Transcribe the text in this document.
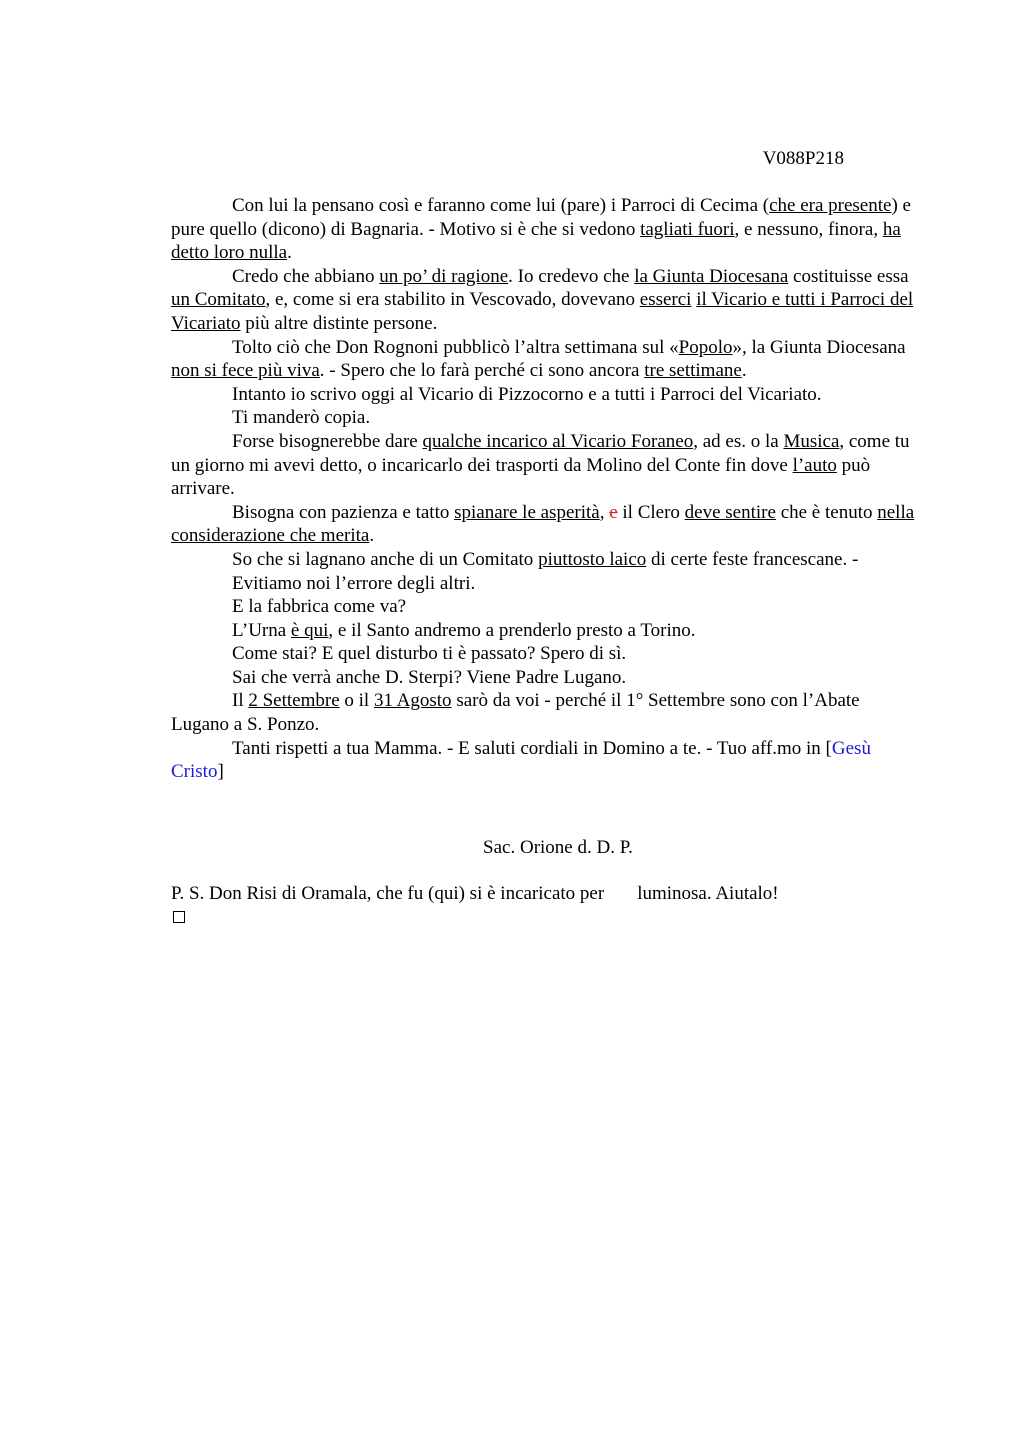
V088P218

Con lui la pensano così e faranno come lui (pare) i Parroci di Cecima (che era presente) e pure quello (dicono) di Bagnaria. - Motivo si è che si vedono tagliati fuori, e nessuno, finora, ha detto loro nulla.

Credo che abbiano un po’ di ragione. Io credevo che la Giunta Diocesana costituisse essa un Comitato, e, come si era stabilito in Vescovado, dovevano esserci il Vicario e tutti i Parroci del Vicariato più altre distinte persone.

Tolto ciò che Don Rognoni pubblicò l’altra settimana sul «Popolo», la Giunta Diocesana non si fece più viva. - Spero che lo farà perché ci sono ancora tre settimane.

Intanto io scrivo oggi al Vicario di Pizzocorno e a tutti i Parroci del Vicariato.

Ti manderò copia.

Forse bisognerebbe dare qualche incarico al Vicario Foraneo, ad es. o la Musica, come tu un giorno mi avevi detto, o incaricarlo dei trasporti da Molino del Conte fin dove l’auto può arrivare.

Bisogna con pazienza e tatto spianare le asperità, e il Clero deve sentire che è tenuto nella considerazione che merita.

So che si lagnano anche di un Comitato piuttosto laico di certe feste francescane. -

Evitiamo noi l’errore degli altri.

E la fabbrica come va?

L’Urna è qui, e il Santo andremo a prenderlo presto a Torino.

Come stai? E quel disturbo ti è passato? Spero di sì.

Sai che verrà anche D. Sterpi? Viene Padre Lugano.

Il 2 Settembre o il 31 Agosto sarò da voi - perché il 1° Settembre sono con l’Abate Lugano a S. Ponzo.

Tanti rispetti a tua Mamma. - E saluti cordiali in Domino a te. - Tuo aff.mo in [Gesù Cristo]

Sac. Orione d. D. P.
P. S. Don Risi di Oramala, che fu (qui) si è incaricato per luminosa. Aiutalo!
